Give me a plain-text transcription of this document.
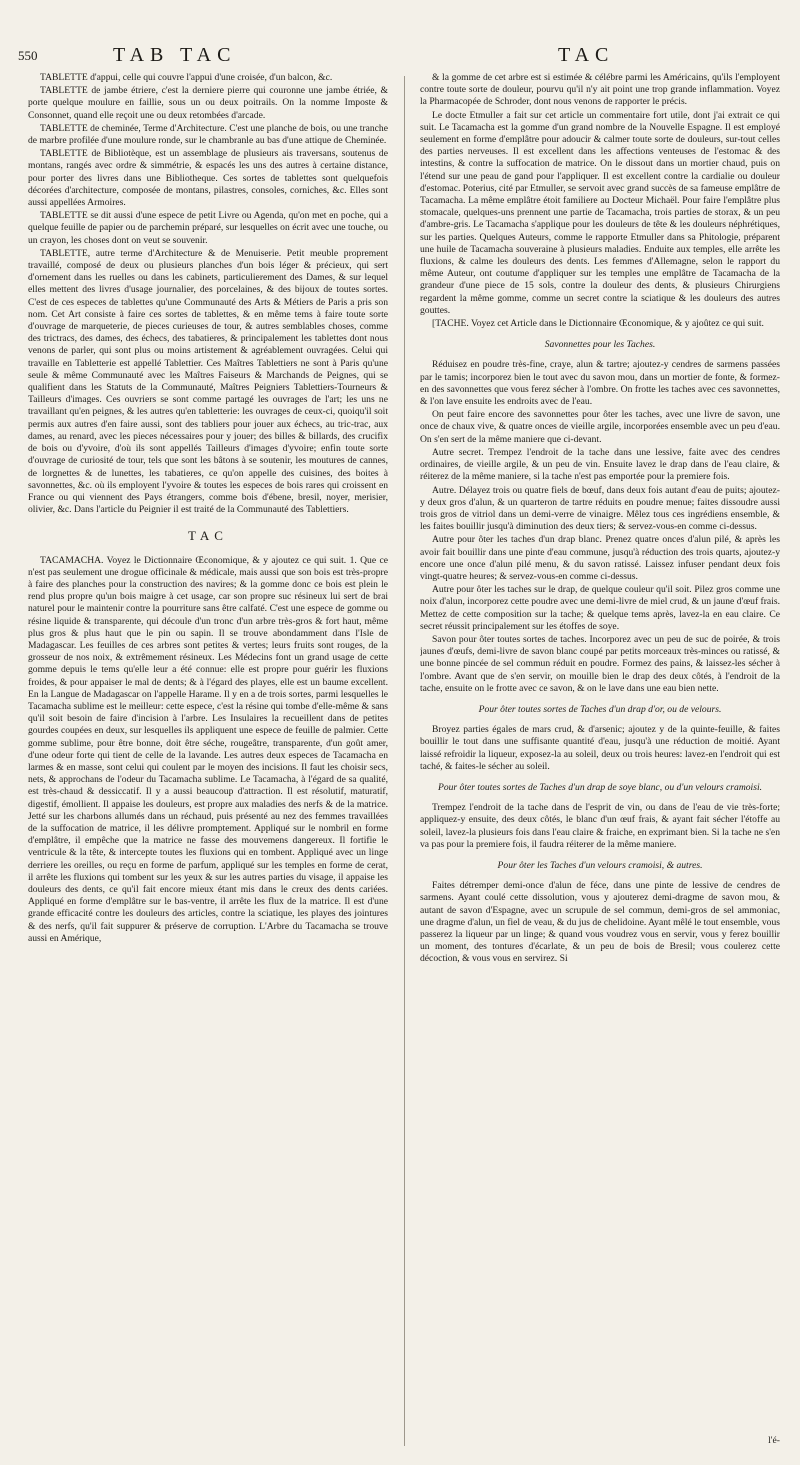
550	TAB TAC	TAC

TABLETTE d'appui, celle qui couvre l'appui d'une croisée, d'un balcon, &c.

TABLETTE de jambe étriere, c'est la derniere pierre qui couronne une jambe étriée, & porte quelque moulure en faillie, sous un ou deux poitrails. On la nomme Imposte & Consonnet, quand elle reçoit une ou deux retombées d'arcade.

TABLETTE de cheminée, Terme d'Architecture. C'est une planche de bois, ou une tranche de marbre profilée d'une moulure ronde, sur le chambranle au bas d'une attique de Cheminée.

TABLETTE de Bibliotèque, est un assemblage de plusieurs ais traversans, soutenus de montans, rangés avec ordre & simmétrie, & espacés les uns des autres à certaine distance, pour porter des livres dans une Bibliotheque. Ces sortes de tablettes sont quelquefois décorées d'architecture, composée de montans, pilastres, consoles, corniches, &c. Elles sont aussi appellées Armoires.

TABLETTE se dit aussi d'une espece de petit Livre ou Agenda, qu'on met en poche, qui a quelque feuille de papier ou de parchemin préparé, sur lesquelles on écrit avec une touche, ou un crayon, les choses dont on veut se souvenir.

TABLETTE, autre terme d'Architecture & de Menuiserie. Petit meuble proprement travaillé, composé de deux ou plusieurs planches d'un bois léger & précieux, qui sert d'ornement dans les ruelles ou dans les cabinets, particulierement des Dames, & sur lequel elles mettent des livres d'usage journalier, des porcelaines, & des bijoux de toutes sortes. C'est de ces especes de tablettes qu'une Communauté des Arts & Métiers de Paris a pris son nom. Cet Art consiste à faire ces sortes de tablettes, & en même tems à faire toute sorte d'ouvrage de marqueterie, de pieces curieuses de tour, & autres semblables choses, comme des trictracs, des dames, des échecs, des tabatieres, & principalement les tablettes dont nous venons de parler, qui sont plus ou moins artistement & agréablement ouvragées. Celui qui travaille en Tabletterie est appellé Tablettier. Ces Maîtres Tablettiers ne sont à Paris qu'une seule & même Communauté avec les Maîtres Faiseurs & Marchands de Peignes, qui se qualifient dans les Statuts de la Communauté, Maîtres Peigniers Tablettiers-Tourneurs & Tailleurs d'images. Ces ouvriers se sont comme partagé les ouvrages de l'art; les uns ne travaillant qu'en peignes, & les autres qu'en tabletterie: les ouvrages de ceux-ci, quoiqu'il soit permis aux autres d'en faire aussi, sont des tabliers pour jouer aux échecs, au tric-trac, aux dames, au renard, avec les pieces nécessaires pour y jouer; des billes & billards, des crucifix de bois ou d'yvoire, d'où ils sont appellés Tailleurs d'images d'yvoire; enfin toute sorte d'ouvrage de curiosité de tour, tels que sont les bâtons à se soutenir, les moutures de cannes, de lorgnettes & de lunettes, les tabatieres, ce qu'on appelle des cuisines, des boites à savonnettes, &c. où ils employent l'yvoire & toutes les especes de bois rares qui croissent en France ou qui viennent des Pays étrangers, comme bois d'ébene, bresil, noyer, merisier, olivier, &c. Dans l'article du Peignier il est traité de la Communauté des Tablettiers.

TAC

TACAMACHA. Voyez le Dictionnaire Œconomique, & y ajoutez ce qui suit. 1. Que ce n'est pas seulement une drogue officinale & médicale, mais aussi que son bois est très-propre à faire des planches pour la construction des navires; & la gomme donc ce bois est plein le rend plus propre qu'un bois maigre à cet usage, car son propre suc résineux lui sert de brai naturel pour le maintenir contre la pourriture sans être calfaté. C'est une espece de gomme ou résine liquide & transparente, qui découle d'un tronc d'un arbre très-gros & fort haut, même plus gros & plus haut que le pin ou sapin. Il se trouve abondamment dans l'Isle de Madagascar. Les feuilles de ces arbres sont petites & vertes; leurs fruits sont rouges, de la grosseur de nos noix, & extrêmement résineux. Les Médecins font un grand usage de cette gomme depuis le tems qu'elle leur a été connue: elle est propre pour guérir les fluxions froides, & pour appaiser le mal de dents; & à l'égard des playes, elle est un baume excellent. En la Langue de Madagascar on l'appelle Harame. Il y en a de trois sortes, parmi lesquelles le Tacamacha sublime est le meilleur: cette espece, c'est la résine qui tombe d'elle-même & sans qu'il soit besoin de faire d'incision à l'arbre. Les Insulaires la recueillent dans de petites gourdes coupées en deux, sur lesquelles ils appliquent une espece de feuille de palmier. Cette gomme sublime, pour être bonne, doit être séche, rougeâtre, transparente, d'un goût amer, d'une odeur forte qui tient de celle de la lavande. Les autres deux especes de Tacamacha en larmes & en masse, sont celui qui coulent par le moyen des incisions. Il faut les choisir secs, nets, & approchans de l'odeur du Tacamacha sublime. Le Tacamacha, à l'égard de sa qualité, est très-chaud & dessiccatif. Il y a aussi beaucoup d'attraction. Il est résolutif, maturatif, digestif, émollient. Il appaise les douleurs, est propre aux maladies des nerfs & de la matrice. Jetté sur les charbons allumés dans un réchaud, puis présenté au nez des femmes travaillées de la suffocation de matrice, il les délivre promptement. Appliqué sur le nombril en forme d'emplâtre, il empêche que la matrice ne fasse des mouvemens dangereux. Il fortifie le ventricule & la tête, & intercepte toutes les fluxions qui en tombent. Appliqué avec un linge derriere les oreilles, ou reçu en forme de parfum, appliqué sur les temples en forme de cerat, il arrête les fluxions qui tombent sur les yeux & sur les autres parties du visage, il appaise les douleurs des dents, ce qu'il fait encore mieux étant mis dans le creux des dents cariées. Appliqué en forme d'emplâtre sur le bas-ventre, il arrête les flux de la matrice. Il est d'une grande efficacité contre les douleurs des articles, contre la sciatique, les playes des jointures & des nerfs, qu'il fait suppurer & préserve de corruption. L'Arbre du Tacamacha se trouve aussi en Amérique,

& la gomme de cet arbre est si estimée & célébre parmi les Américains, qu'ils l'employent contre toute sorte de douleur, pourvu qu'il n'y ait point une trop grande inflammation. Voyez la Pharmacopée de Schroder, dont nous venons de rapporter le précis.

Le docte Etmuller a fait sur cet article un commentaire fort utile, dont j'ai extrait ce qui suit. Le Tacamacha est la gomme d'un grand nombre de la Nouvelle Espagne. Il est employé seulement en forme d'emplâtre pour adoucir & calmer toute sorte de douleurs, sur-tout celles des parties nerveuses. Il est excellent dans les affections venteuses de l'estomac & des intestins, & contre la suffocation de matrice. On le dissout dans un mortier chaud, puis on l'étend sur une peau de gand pour l'appliquer. Il est excellent contre la cardialie ou douleur d'estomac. Poterius, cité par Etmuller, se servoit avec grand succès de sa fameuse emplâtre de Tacamacha. La même emplâtre étoit familiere au Docteur Michaël. Pour faire l'emplâtre plus stomacale, quelques-uns prennent une partie de Tacamacha, trois parties de storax, & un peu d'ambre-gris. Le Tacamacha s'applique pour les douleurs de tête & les douleurs néphrétiques, sur les parties. Quelques Auteurs, comme le rapporte Etmuller dans sa Phitologie, préparent une huile de Tacamacha souveraine à plusieurs maladies. Enduite aux temples, elle arrête les fluxions, & calme les douleurs des dents. Les femmes d'Allemagne, selon le rapport du même Auteur, ont coutume d'appliquer sur les temples une emplâtre de Tacamacha de la grandeur d'une piece de 15 sols, contre la douleur des dents, & plusieurs Chirurgiens regardent la même gomme, comme un secret contre la sciatique & les douleurs des autres gouttes.

[TACHE. Voyez cet Article dans le Dictionnaire Œconomique, & y ajoûtez ce qui suit.

Savonnettes pour les Taches.

Réduisez en poudre très-fine, craye, alun & tartre; ajoutez-y cendres de sarmens passées par le tamis; incorporez bien le tout avec du savon mou, dans un mortier de fonte, & formez-en des savonnettes que vous ferez sécher à l'ombre. On frotte les taches avec ces savonnettes, & l'on lave ensuite les endroits avec de l'eau.

On peut faire encore des savonnettes pour ôter les taches, avec une livre de savon, une once de chaux vive, & quatre onces de vieille argile, incorporées ensemble avec un peu d'eau. On s'en sert de la même maniere que ci-devant.

Autre secret. Trempez l'endroit de la tache dans une lessive, faite avec des cendres ordinaires, de vieille argile, & un peu de vin. Ensuite lavez le drap dans de l'eau claire, & réiterez de la même maniere, si la tache n'est pas emportée pour la premiere fois.

Autre. Délayez trois ou quatre fiels de bœuf, dans deux fois autant d'eau de puits; ajoutez-y deux gros d'alun, & un quarteron de tartre réduits en poudre menue; faites dissoudre aussi trois gros de vitriol dans un demi-verre de vinaigre. Mêlez tous ces ingrédiens ensemble, & les faites bouillir jusqu'à diminution des deux tiers; & servez-vous-en comme ci-dessus.

Autre pour ôter les taches d'un drap blanc. Prenez quatre onces d'alun pilé, & après les avoir fait bouillir dans une pinte d'eau commune, jusqu'à réduction des trois quarts, ajoutez-y encore une once d'alun pilé menu, & du savon ratissé. Laissez infuser pendant deux fois vingt-quatre heures; & servez-vous-en comme ci-dessus.

Autre pour ôter les taches sur le drap, de quelque couleur qu'il soit. Pilez gros comme une noix d'alun, incorporez cette poudre avec une demi-livre de miel crud, & un jaune d'œuf frais. Mettez de cette composition sur la tache; & quelque tems après, lavez-la en eau claire. Ce secret réussit principalement sur les étoffes de soye.

Savon pour ôter toutes sortes de taches. Incorporez avec un peu de suc de poirée, & trois jaunes d'œufs, demi-livre de savon blanc coupé par petits morceaux très-minces ou ratissé, & une bonne pincée de sel commun réduit en poudre. Formez des pains, & laissez-les sécher à l'ombre. Avant que de s'en servir, on mouille bien le drap des deux côtés, à l'endroit de la tache, ensuite on le frotte avec ce savon, & on le lave dans une eau bien nette.

Pour ôter toutes sortes de Taches d'un drap d'or, ou de velours.

Broyez parties égales de mars crud, & d'arsenic; ajoutez y de la quinte-feuille, & faites bouillir le tout dans une suffisante quantité d'eau, jusqu'à une réduction de moitié. Ayant laissé refroidir la liqueur, exposez-la au soleil, deux ou trois heures: lavez-en l'endroit qui est taché, & faites-le sécher au soleil.

Pour ôter toutes sortes de Taches d'un drap de soye blanc, ou d'un velours cramoisi.

Trempez l'endroit de la tache dans de l'esprit de vin, ou dans de l'eau de vie très-forte; appliquez-y ensuite, des deux côtés, le blanc d'un œuf frais, & ayant fait sécher l'étoffe au soleil, lavez-la plusieurs fois dans l'eau claire & fraiche, en exprimant bien. Si la tache ne s'en va pas pour la premiere fois, il faudra réiterer de la même maniere.

Pour ôter les Taches d'un velours cramoisi, & autres.

Faites détremper demi-once d'alun de féce, dans une pinte de lessive de cendres de sarmens. Ayant coulé cette dissolution, vous y ajouterez demi-dragme de savon mou, & autant de savon d'Espagne, avec un scrupule de sel commun, demi-gros de sel ammoniac, une dragme d'alun, un fiel de veau, & du jus de chelidoine. Ayant mêlé le tout ensemble, vous passerez la liqueur par un linge; & quand vous voudrez vous en servir, vous y ferez bouillir un moment, des tontures d'écarlate, & un peu de bois de Bresil; vous coulerez cette décoction, & vous vous en servirez. Si

l'é-
